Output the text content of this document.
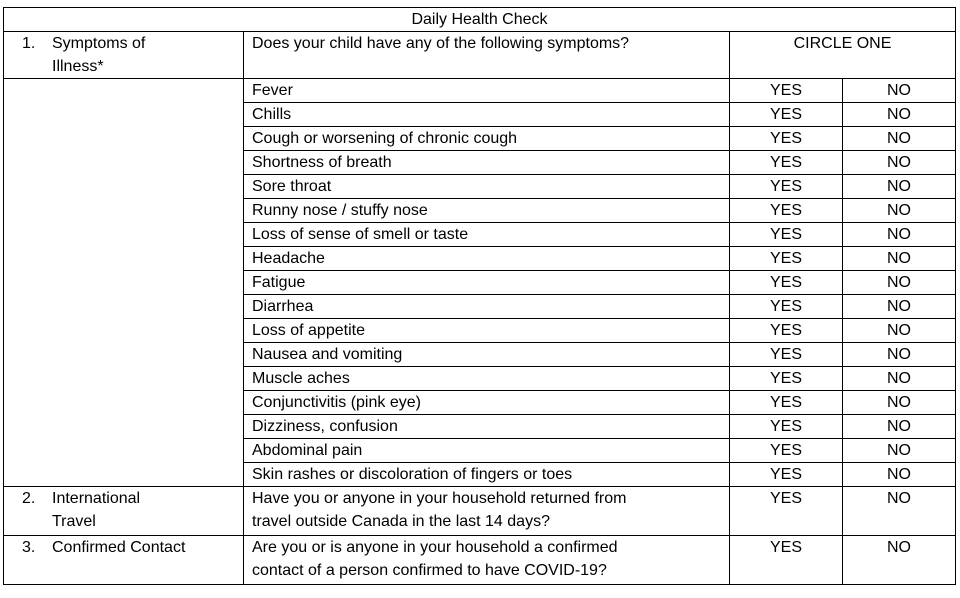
Daily Health Check			

1. Symptoms of
Illness*	Does your child have any of the following symptoms?	CIRCLE ONE	
	Fever	YES	NO
	Chills	YES	NO
	Cough or worsening of chronic cough	YES	NO
	Shortness of breath	YES	NO
	Sore throat	YES	NO
	Runny nose / stuffy nose	YES	NO
	Loss of sense of smell or taste	YES	NO
	Headache	YES	NO
	Fatigue	YES	NO
	Diarrhea	YES	NO
	Loss of appetite	YES	NO
	Nausea and vomiting	YES	NO
	Muscle aches	YES	NO
	Conjunctivitis (pink eye)	YES	NO
	Dizziness, confusion	YES	NO
	Abdominal pain	YES	NO
	Skin rashes or discoloration of fingers or toes	YES	NO

2. International
Travel	Have you or anyone in your household returned from
travel outside Canada in the last 14 days?	YES	NO

3. Confirmed Contact	Are you or is anyone in your household a confirmed
contact of a person confirmed to have COVID-19?	YES	NO
